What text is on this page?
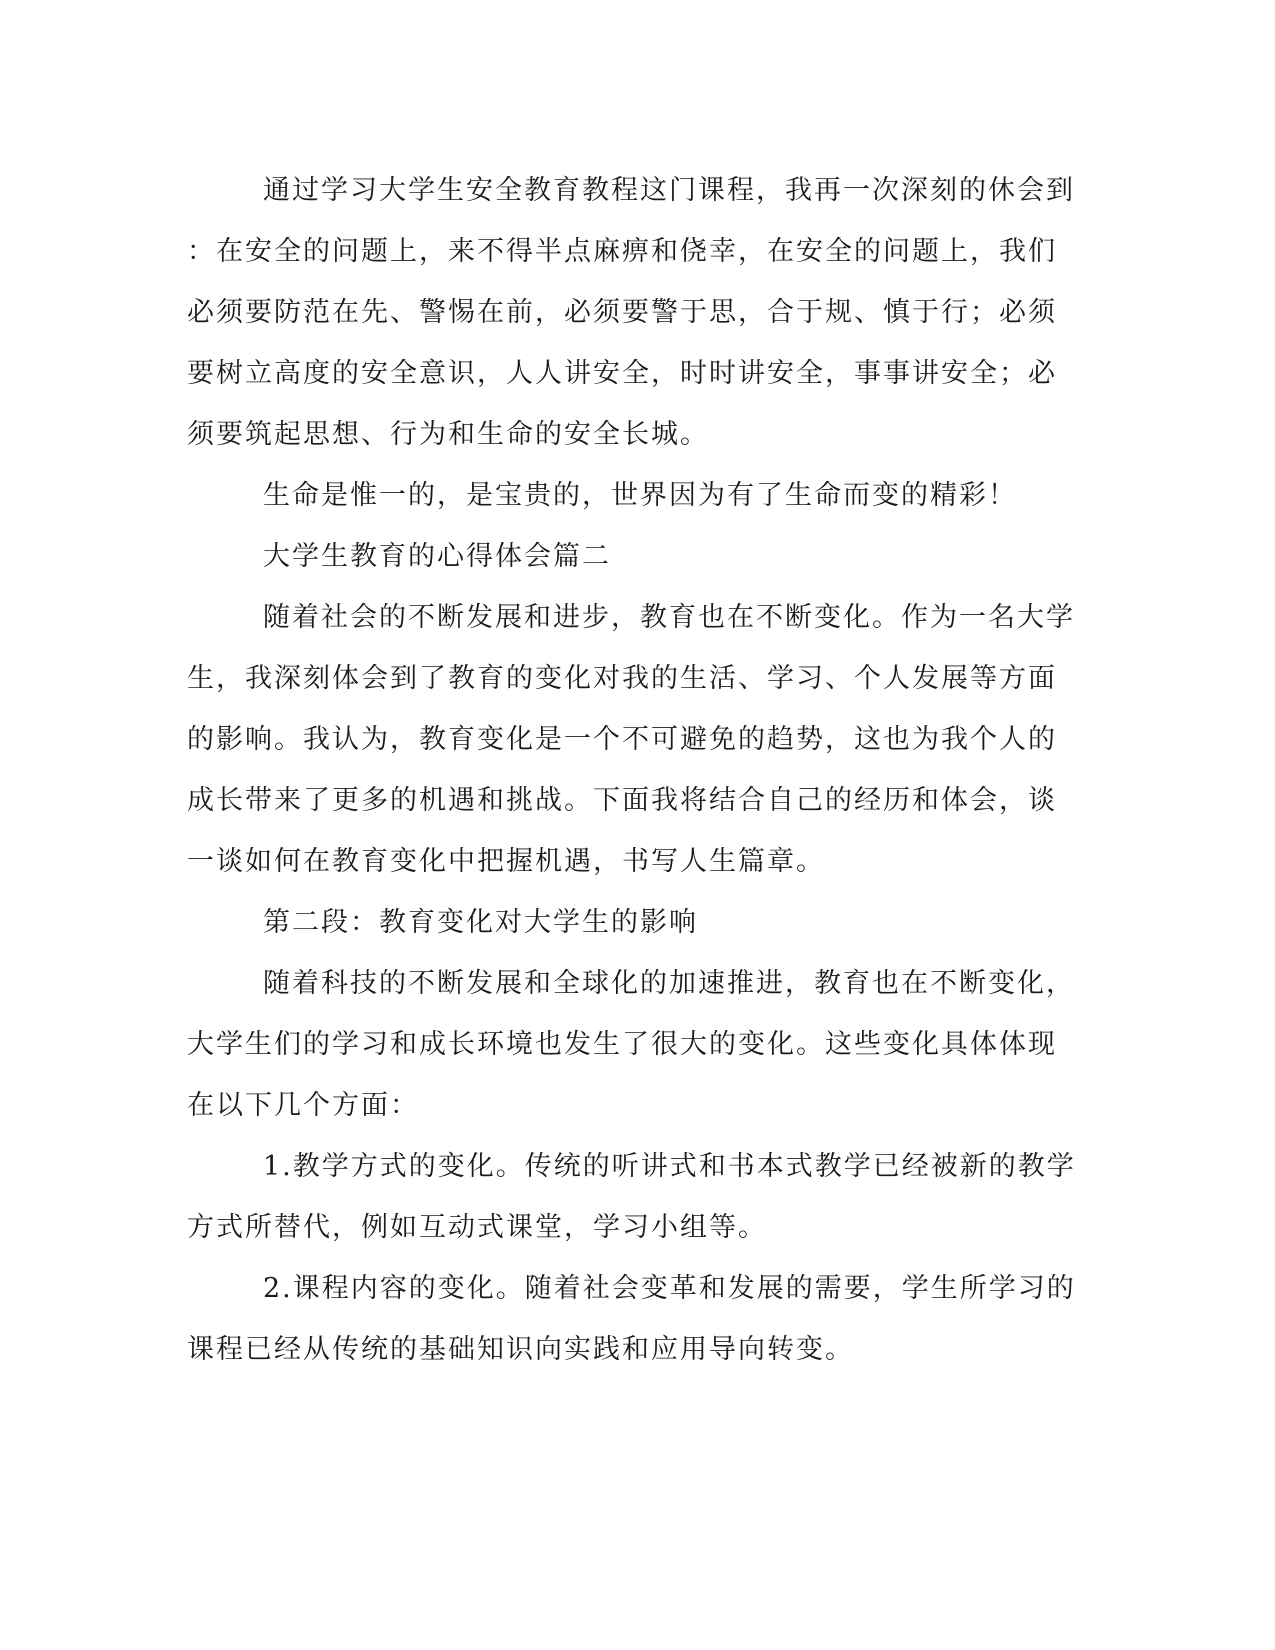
通过学习大学生安全教育教程这门课程，我再一次深刻的休会到
：在安全的问题上，来不得半点麻痹和侥幸，在安全的问题上，我们
必须要防范在先、警惕在前，必须要警于思，合于规、慎于行；必须
要树立高度的安全意识，人人讲安全，时时讲安全，事事讲安全；必
须要筑起思想、行为和生命的安全长城。
生命是惟一的，是宝贵的，世界因为有了生命而变的精彩！
大学生教育的心得体会篇二
随着社会的不断发展和进步，教育也在不断变化。作为一名大学
生，我深刻体会到了教育的变化对我的生活、学习、个人发展等方面
的影响。我认为，教育变化是一个不可避免的趋势，这也为我个人的
成长带来了更多的机遇和挑战。下面我将结合自己的经历和体会，谈
一谈如何在教育变化中把握机遇，书写人生篇章。
第二段：教育变化对大学生的影响
随着科技的不断发展和全球化的加速推进，教育也在不断变化，
大学生们的学习和成长环境也发生了很大的变化。这些变化具体体现
在以下几个方面：
1.教学方式的变化。传统的听讲式和书本式教学已经被新的教学
方式所替代，例如互动式课堂，学习小组等。
2.课程内容的变化。随着社会变革和发展的需要，学生所学习的
课程已经从传统的基础知识向实践和应用导向转变。
